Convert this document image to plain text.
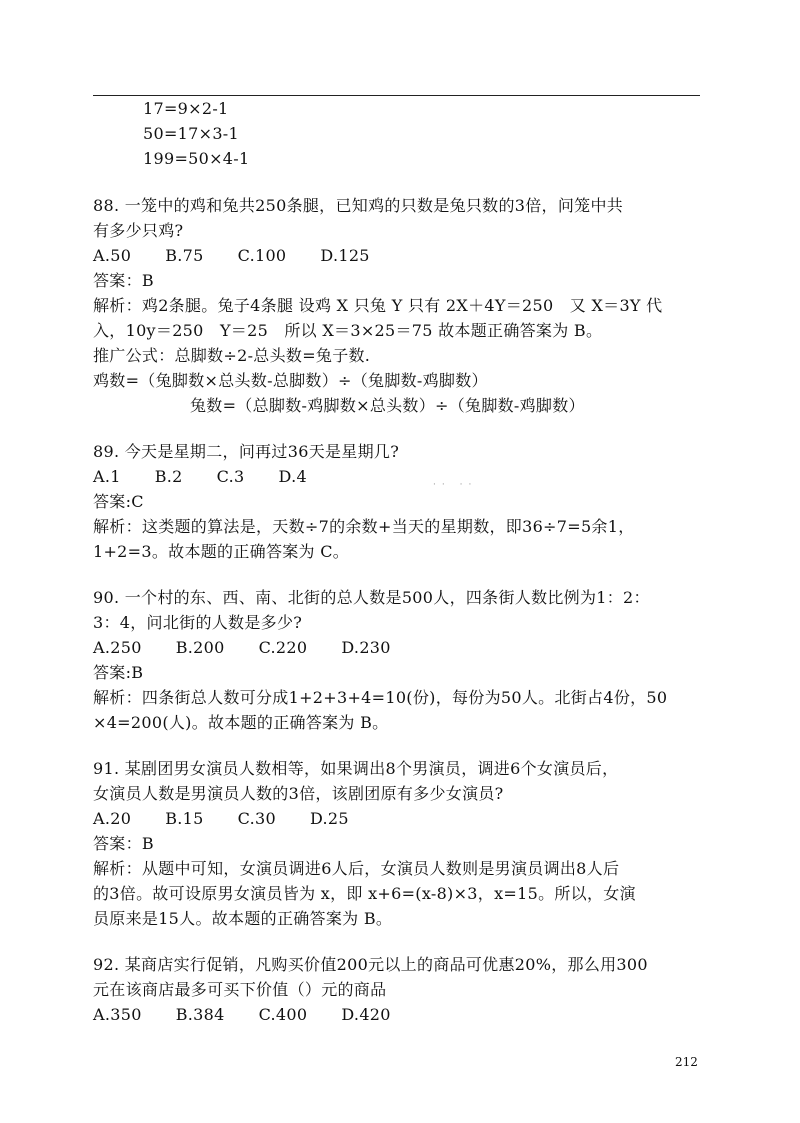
17=9×2-1
50=17×3-1
199=50×4-1
88. 一笼中的鸡和兔共250条腿，已知鸡的只数是兔只数的3倍，问笼中共
有多少只鸡?
A.50 B.75 C.100 D.125
答案：B
解析：鸡2条腿。兔子4条腿 设鸡 X 只兔 Y 只有 2X＋4Y＝250　又 X＝3Y 代
入，10y＝250　Y＝25　所以 X＝3×25＝75 故本题正确答案为 B。
推广公式：总脚数÷2-总头数=兔子数.
鸡数=（兔脚数×总头数-总脚数）÷（兔脚数-鸡脚数）
兔数=（总脚数-鸡脚数×总头数）÷（兔脚数-鸡脚数）
89. 今天是星期二，问再过36天是星期几?
A.1 B.2 C.3 D.4	·· ··
答案:C
解析：这类题的算法是，天数÷7的余数+当天的星期数，即36÷7=5余1，
1+2=3。故本题的正确答案为 C。
90. 一个村的东、西、南、北街的总人数是500人，四条街人数比例为1：2：
3：4，问北街的人数是多少?
A.250 B.200 C.220 D.230
答案:B
解析：四条街总人数可分成1+2+3+4=10(份)，每份为50人。北街占4份，50
×4=200(人)。故本题的正确答案为 B。
91. 某剧团男女演员人数相等，如果调出8个男演员，调进6个女演员后，
女演员人数是男演员人数的3倍，该剧团原有多少女演员?
A.20 B.15 C.30 D.25
答案：B
解析：从题中可知，女演员调进6人后，女演员人数则是男演员调出8人后
的3倍。故可设原男女演员皆为 x，即 x+6=(x-8)×3，x=15。所以，女演
员原来是15人。故本题的正确答案为 B。
92. 某商店实行促销，凡购买价值200元以上的商品可优惠20%，那么用300
元在该商店最多可买下价值（）元的商品
A.350 B.384 C.400 D.420
212
